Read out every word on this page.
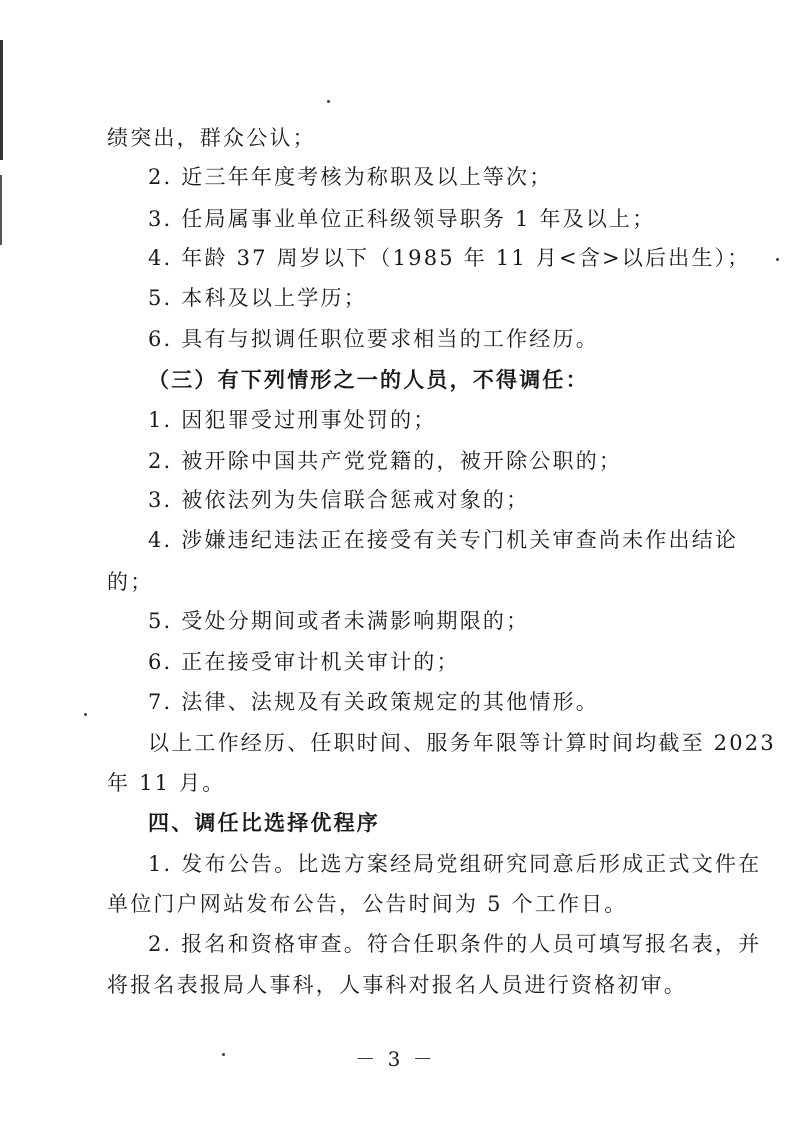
绩突出，群众公认；
2. 近三年年度考核为称职及以上等次；
3. 任局属事业单位正科级领导职务 1 年及以上；
4. 年龄 37 周岁以下（1985 年 11 月<含>以后出生）；
5. 本科及以上学历；
6. 具有与拟调任职位要求相当的工作经历。
（三）有下列情形之一的人员，不得调任：
1. 因犯罪受过刑事处罚的；
2. 被开除中国共产党党籍的，被开除公职的；
3. 被依法列为失信联合惩戒对象的；
4. 涉嫌违纪违法正在接受有关专门机关审查尚未作出结论
的；
5. 受处分期间或者未满影响期限的；
6. 正在接受审计机关审计的；
7. 法律、法规及有关政策规定的其他情形。
以上工作经历、任职时间、服务年限等计算时间均截至 2023
年 11 月。
四、调任比选择优程序
1. 发布公告。比选方案经局党组研究同意后形成正式文件在
单位门户网站发布公告，公告时间为 5 个工作日。
2. 报名和资格审查。符合任职条件的人员可填写报名表，并
将报名表报局人事科，人事科对报名人员进行资格初审。
－ 3 －
